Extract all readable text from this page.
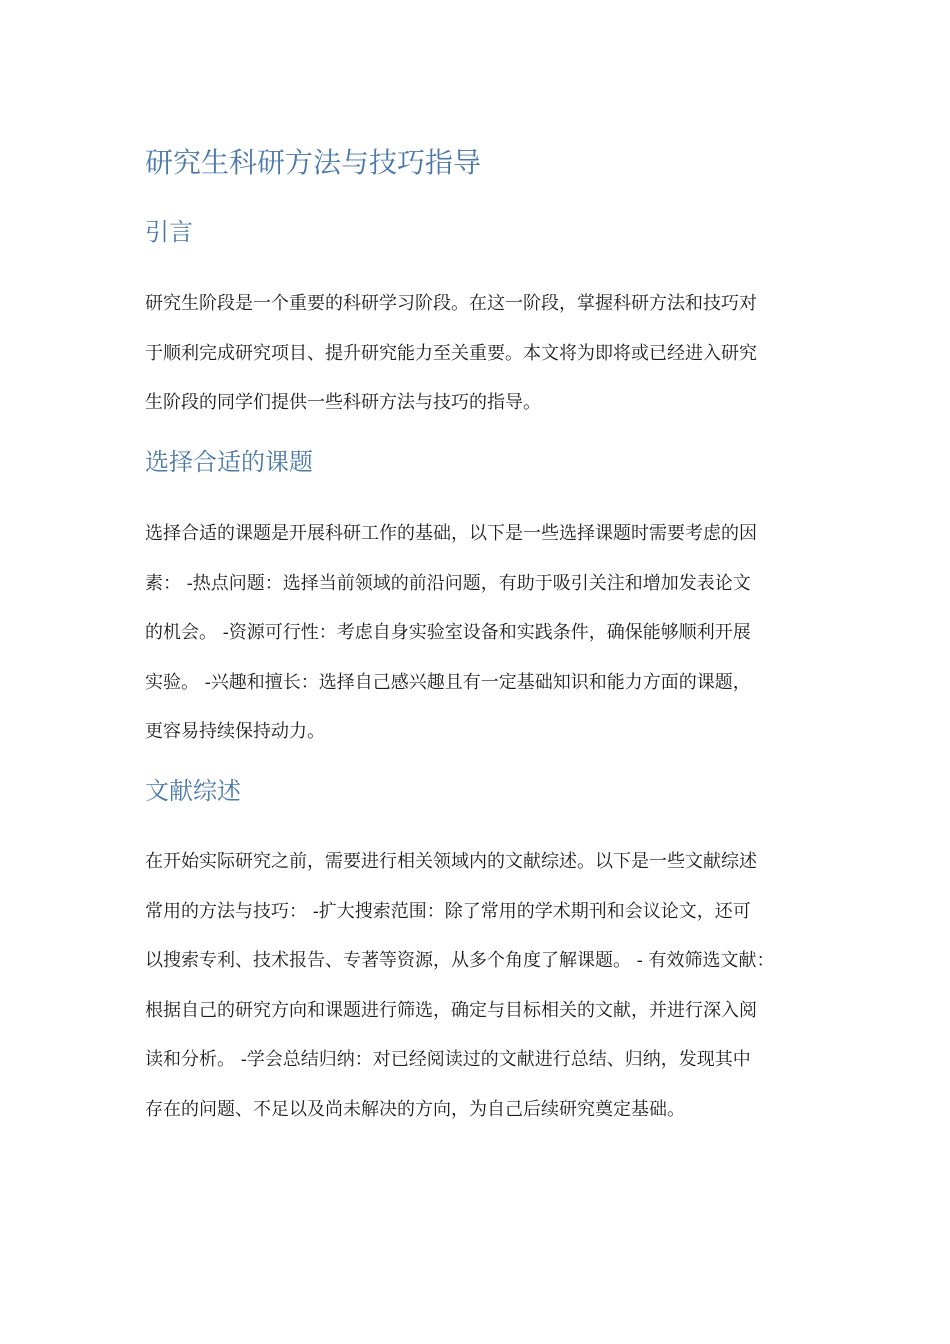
研究生科研方法与技巧指导
引言
研究生阶段是一个重要的科研学习阶段。在这一阶段，掌握科研方法和技巧对
于顺利完成研究项目、提升研究能力至关重要。本文将为即将或已经进入研究
生阶段的同学们提供一些科研方法与技巧的指导。
选择合适的课题
选择合适的课题是开展科研工作的基础，以下是一些选择课题时需要考虑的因
素： -热点问题：选择当前领域的前沿问题，有助于吸引关注和增加发表论文
的机会。 -资源可行性：考虑自身实验室设备和实践条件，确保能够顺利开展
实验。 -兴趣和擅长：选择自己感兴趣且有一定基础知识和能力方面的课题，
更容易持续保持动力。
文献综述
在开始实际研究之前，需要进行相关领域内的文献综述。以下是一些文献综述
常用的方法与技巧： -扩大搜索范围：除了常用的学术期刊和会议论文，还可
以搜索专利、技术报告、专著等资源，从多个角度了解课题。 - 有效筛选文献：
根据自己的研究方向和课题进行筛选，确定与目标相关的文献，并进行深入阅
读和分析。 -学会总结归纳：对已经阅读过的文献进行总结、归纳，发现其中
存在的问题、不足以及尚未解决的方向，为自己后续研究奠定基础。
